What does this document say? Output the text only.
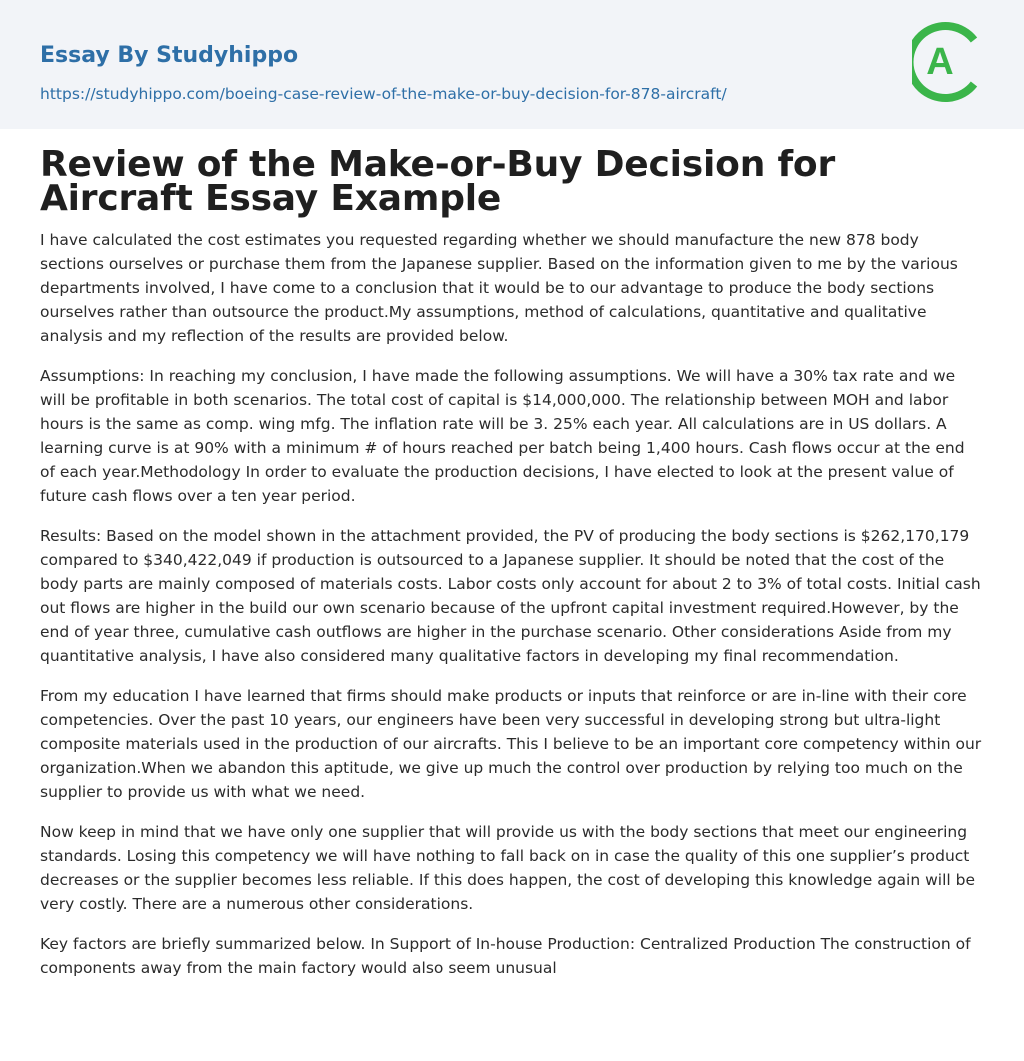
Essay By Studyhippo
https://studyhippo.com/boeing-case-review-of-the-make-or-buy-decision-for-878-aircraft/
A
Review of the Make-or-Buy Decision for Aircraft Essay Example

I have calculated the cost estimates you requested regarding whether we should manufacture the new 878 body sections ourselves or purchase them from the Japanese supplier. Based on the information given to me by the various departments involved, I have come to a conclusion that it would be to our advantage to produce the body sections ourselves rather than outsource the product.My assumptions, method of calculations, quantitative and qualitative analysis and my reflection of the results are provided below.

Assumptions: In reaching my conclusion, I have made the following assumptions. We will have a 30% tax rate and we will be profitable in both scenarios. The total cost of capital is $14,000,000. The relationship between MOH and labor hours is the same as comp. wing mfg. The inflation rate will be 3. 25% each year. All calculations are in US dollars. A learning curve is at 90% with a minimum # of hours reached per batch being 1,400 hours. Cash flows occur at the end of each year.Methodology In order to evaluate the production decisions, I have elected to look at the present value of future cash flows over a ten year period.

Results: Based on the model shown in the attachment provided, the PV of producing the body sections is $262,170,179 compared to $340,422,049 if production is outsourced to a Japanese supplier. It should be noted that the cost of the body parts are mainly composed of materials costs. Labor costs only account for about 2 to 3% of total costs. Initial cash out flows are higher in the build our own scenario because of the upfront capital investment required.However, by the end of year three, cumulative cash outflows are higher in the purchase scenario. Other considerations Aside from my quantitative analysis, I have also considered many qualitative factors in developing my final recommendation.

From my education I have learned that firms should make products or inputs that reinforce or are in-line with their core competencies. Over the past 10 years, our engineers have been very successful in developing strong but ultra-light composite materials used in the production of our aircrafts. This I believe to be an important core competency within our organization.When we abandon this aptitude, we give up much the control over production by relying too much on the supplier to provide us with what we need.

Now keep in mind that we have only one supplier that will provide us with the body sections that meet our engineering standards. Losing this competency we will have nothing to fall back on in case the quality of this one supplier’s product decreases or the supplier becomes less reliable. If this does happen, the cost of developing this knowledge again will be very costly. There are a numerous other considerations.

Key factors are briefly summarized below. In Support of In-house Production: Centralized Production The construction of components away from the main factory would also seem unusual
